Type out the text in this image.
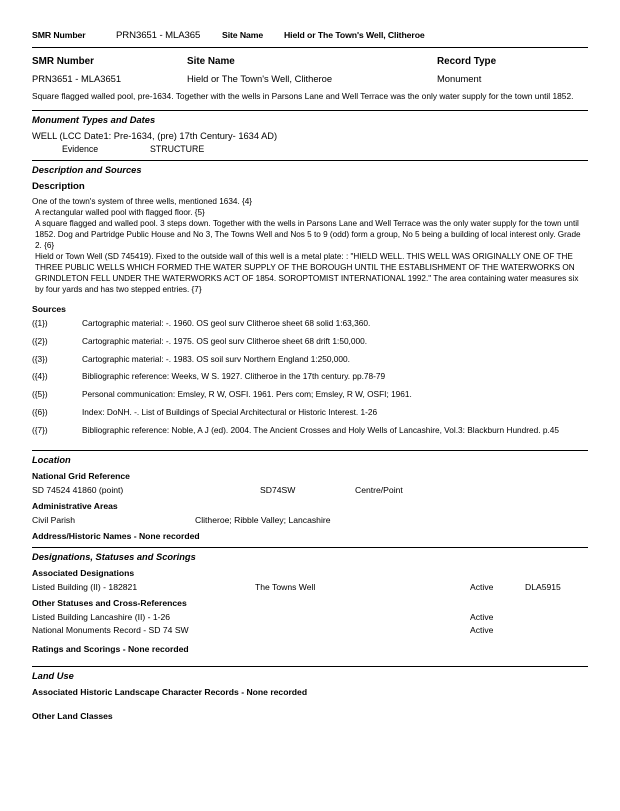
SMR Number	PRN3651 - MLA365	Site Name	Hield or The Town's Well, Clitheroe
SMR Number	Site Name	Record Type
PRN3651 - MLA3651	Hield or The Town's Well, Clitheroe	Monument
Square flagged walled pool, pre-1634. Together with the wells in Parsons Lane and Well Terrace was the only water supply for the town until 1852.
Monument Types and Dates
WELL (LCC Date1: Pre-1634, (pre) 17th Century- 1634 AD)
Evidence	STRUCTURE
Description and Sources
Description
One of the town's system of three wells, mentioned 1634. {4}
A rectangular walled pool with flagged floor. {5}
A square flagged and walled pool. 3 steps down. Together with the wells in Parsons Lane and Well Terrace was the only water supply for the town until 1852. Dog and Partridge Public House and No 3, The Towns Well and Nos 5 to 9 (odd) form a group, No 5 being a building of local interest only. Grade 2. {6}
Hield or Town Well (SD 745419). Fixed to the outside wall of this well is a metal plate: : "HIELD WELL. THIS WELL WAS ORIGINALLY ONE OF THE THREE PUBLIC WELLS WHICH FORMED THE WATER SUPPLY OF THE BOROUGH UNTIL THE ESTABLISHMENT OF THE WATERWORKS ON GRINDLETON FELL UNDER THE WATERWORKS ACT OF 1854. SOROPTOMIST INTERNATIONAL 1992." The area containing water measures six by four yards and has two stepped entries. {7}
Sources
({1})	Cartographic material: -. 1960. OS geol surv Clitheroe sheet 68 solid 1:63,360.
({2})	Cartographic material: -. 1975. OS geol surv Clitheroe sheet 68 drift 1:50,000.
({3})	Cartographic material: -. 1983. OS soil surv Northern England 1:250,000.
({4})	Bibliographic reference: Weeks, W S. 1927. Clitheroe in the 17th century. pp.78-79
({5})	Personal communication: Emsley, R W, OSFI. 1961. Pers com; Emsley, R W, OSFI; 1961.
({6})	Index: DoNH. -. List of Buildings of Special Architectural or Historic Interest. 1-26
({7})	Bibliographic reference: Noble, A J (ed). 2004. The Ancient Crosses and Holy Wells of Lancashire, Vol.3: Blackburn Hundred. p.45
Location
National Grid Reference
SD 74524 41860 (point)	SD74SW	Centre/Point
Administrative Areas
Civil Parish	Clitheroe; Ribble Valley; Lancashire
Address/Historic Names - None recorded
Designations, Statuses and Scorings
Associated Designations
Listed Building (II) - 182821	The Towns Well	Active	DLA5915
Other Statuses and Cross-References
Listed Building Lancashire (II) - 1-26	Active
National Monuments Record - SD 74 SW	Active
Ratings and Scorings - None recorded
Land Use
Associated Historic Landscape Character Records - None recorded
Other Land Classes
